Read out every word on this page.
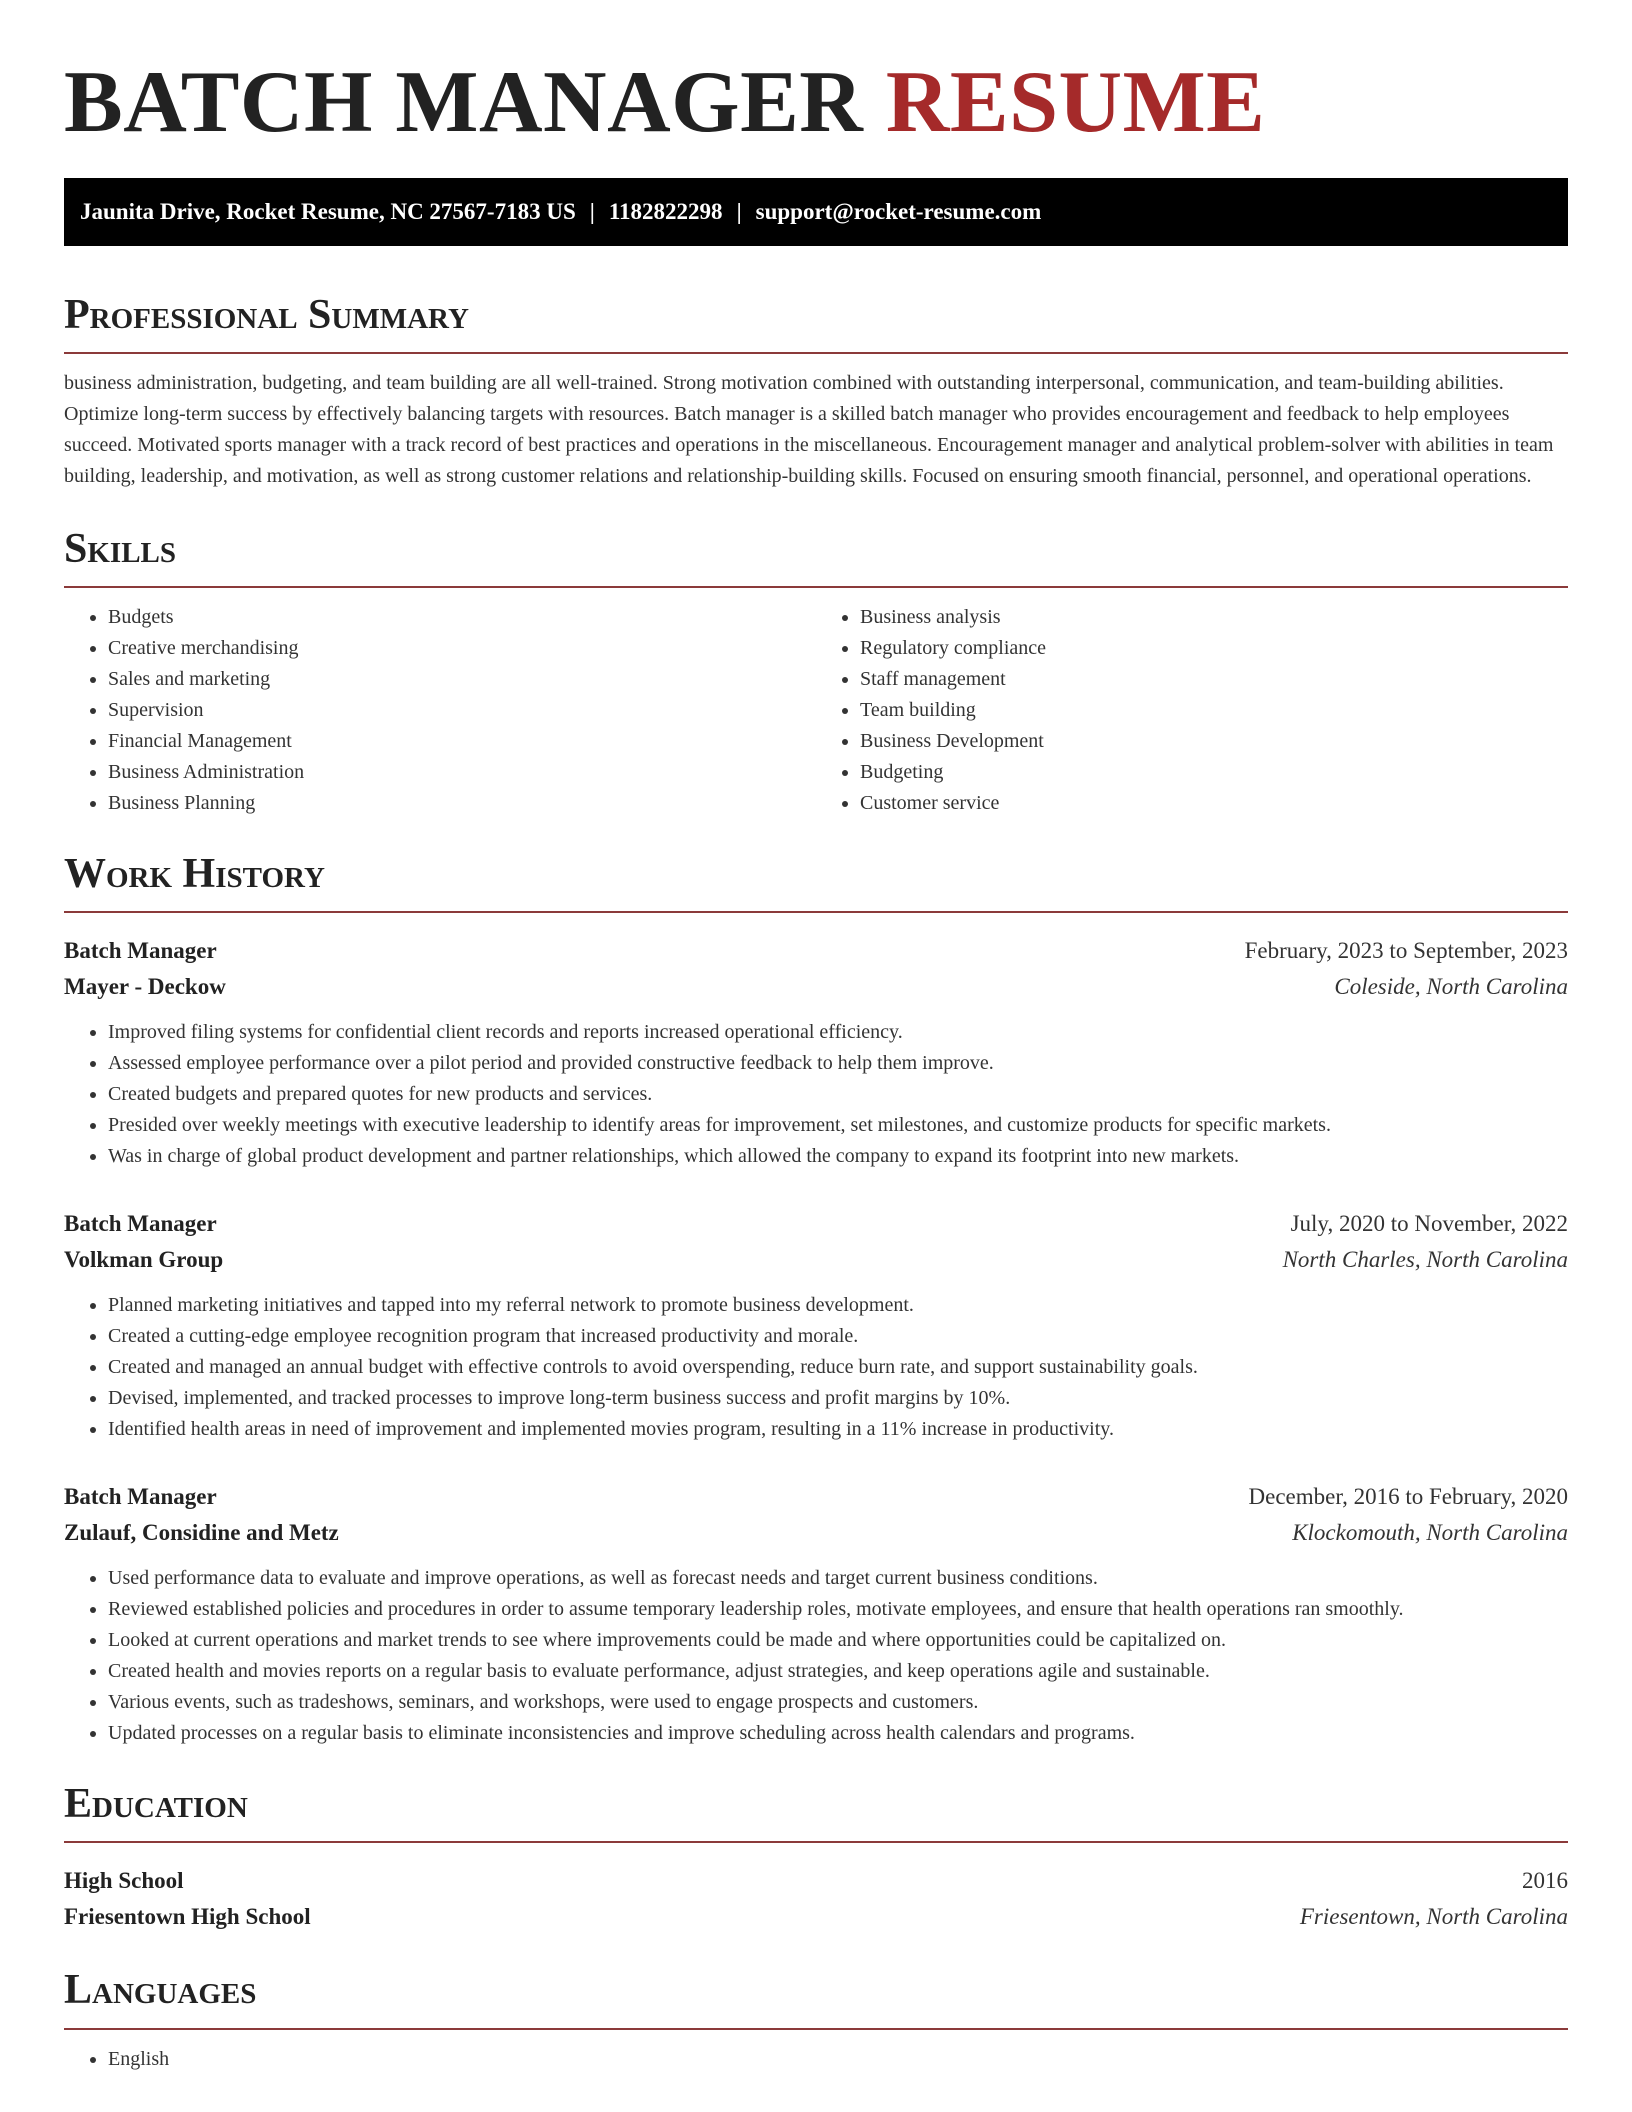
BATCH MANAGER RESUME
Jaunita Drive, Rocket Resume, NC 27567-7183 US | 1182822298 | support@rocket-resume.com
Professional Summary

business administration, budgeting, and team building are all well-trained. Strong motivation combined with outstanding interpersonal, communication, and team-building abilities. Optimize long-term success by effectively balancing targets with resources. Batch manager is a skilled batch manager who provides encouragement and feedback to help employees succeed. Motivated sports manager with a track record of best practices and operations in the miscellaneous. Encouragement manager and analytical problem-solver with abilities in team building, leadership, and motivation, as well as strong customer relations and relationship-building skills. Focused on ensuring smooth financial, personnel, and operational operations.

Skills
• Budgets
• Creative merchandising
• Sales and marketing
• Supervision
• Financial Management
• Business Administration
• Business Planning
• Business analysis
• Regulatory compliance
• Staff management
• Team building
• Business Development
• Budgeting
• Customer service
Work History
Batch Manager	February, 2023 to September, 2023
Mayer - Deckow	Coleside, North Carolina
• Improved filing systems for confidential client records and reports increased operational efficiency.
• Assessed employee performance over a pilot period and provided constructive feedback to help them improve.
• Created budgets and prepared quotes for new products and services.
• Presided over weekly meetings with executive leadership to identify areas for improvement, set milestones, and customize products for specific markets.
• Was in charge of global product development and partner relationships, which allowed the company to expand its footprint into new markets.
Batch Manager	July, 2020 to November, 2022
Volkman Group	North Charles, North Carolina
• Planned marketing initiatives and tapped into my referral network to promote business development.
• Created a cutting-edge employee recognition program that increased productivity and morale.
• Created and managed an annual budget with effective controls to avoid overspending, reduce burn rate, and support sustainability goals.
• Devised, implemented, and tracked processes to improve long-term business success and profit margins by 10%.
• Identified health areas in need of improvement and implemented movies program, resulting in a 11% increase in productivity.
Batch Manager	December, 2016 to February, 2020
Zulauf, Considine and Metz	Klockomouth, North Carolina
• Used performance data to evaluate and improve operations, as well as forecast needs and target current business conditions.
• Reviewed established policies and procedures in order to assume temporary leadership roles, motivate employees, and ensure that health operations ran smoothly.
• Looked at current operations and market trends to see where improvements could be made and where opportunities could be capitalized on.
• Created health and movies reports on a regular basis to evaluate performance, adjust strategies, and keep operations agile and sustainable.
• Various events, such as tradeshows, seminars, and workshops, were used to engage prospects and customers.
• Updated processes on a regular basis to eliminate inconsistencies and improve scheduling across health calendars and programs.
Education
High School	2016
Friesentown High School	Friesentown, North Carolina
Languages
• English
